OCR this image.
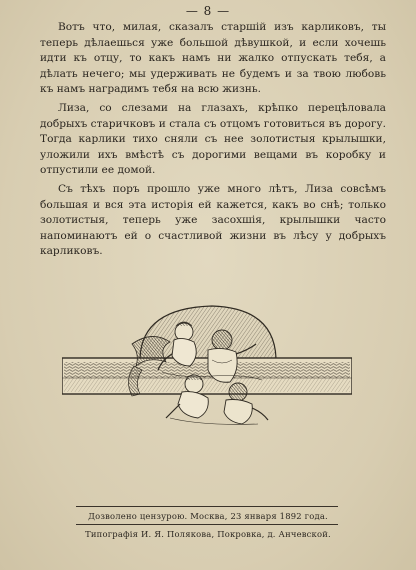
— 8 —

Вотъ что, милая, сказалъ старшій изъ карликовъ, ты теперь дѣлаешься уже большой дѣвушкой, и если хочешь идти къ отцу, то какъ намъ ни жалко отпускать тебя, а дѣлать нечего; мы удерживать не будемъ и за твою любовь къ намъ наградимъ тебя на всю жизнь.

Лиза, со слезами на глазахъ, крѣпко перецѣловала добрыхъ старичковъ и стала съ отцомъ готовиться въ дорогу. Тогда карлики тихо сняли съ нее золотистыя крылышки, уложили ихъ вмѣстѣ съ дорогими вещами въ коробку и отпустили ее домой.

Съ тѣхъ поръ прошло уже много лѣтъ, Лиза совсѣмъ большая и вся эта исторія ей кажется, какъ во снѣ; только золотистыя, теперь уже засохшія, крылышки часто напоминаютъ ей о счастливой жизни въ лѣсу у добрыхъ карликовъ.

Дозволено цензурою. Москва, 23 января 1892 года.
Типографія И. Я. Полякова, Покровка, д. Анчевской.
